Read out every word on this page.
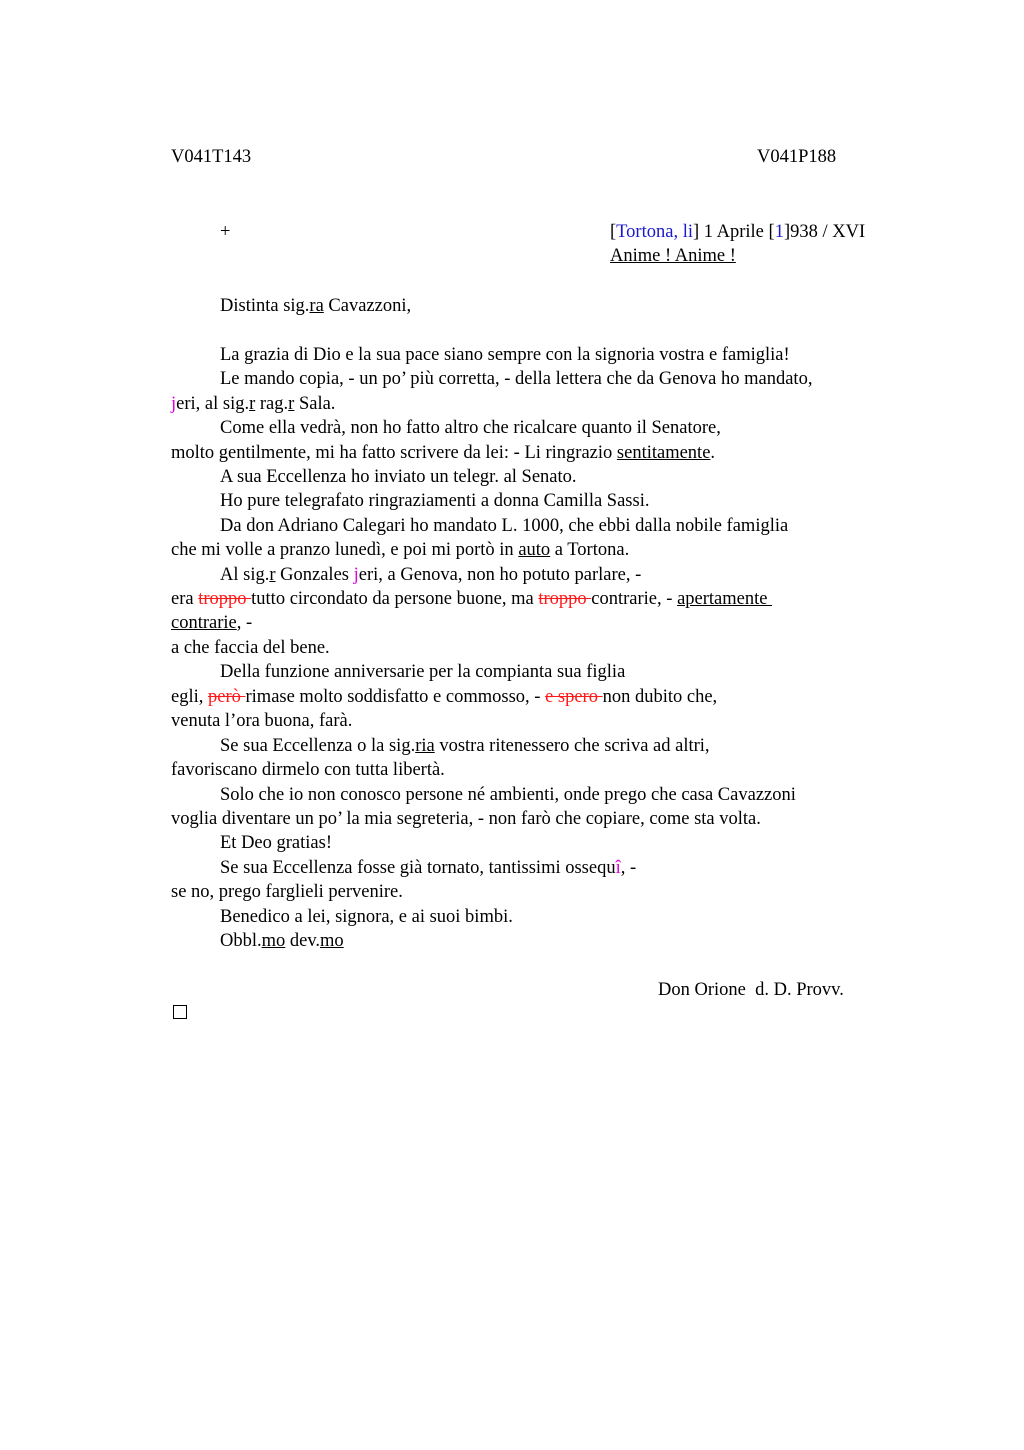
V041T143	V041P188
+	[Tortona, li] 1 Aprile [1]938 / XVI
Anime ! Anime !
Distinta sig.ra Cavazzoni,
La grazia di Dio e la sua pace siano sempre con la signoria vostra e famiglia!
Le mando copia, - un po’ più corretta, - della lettera che da Genova ho mandato,
jeri, al sig.r rag.r Sala.
Come ella vedrà, non ho fatto altro che ricalcare quanto il Senatore,
molto gentilmente, mi ha fatto scrivere da lei: - Li ringrazio sentitamente.
A sua Eccellenza ho inviato un telegr. al Senato.
Ho pure telegrafato ringraziamenti a donna Camilla Sassi.
Da don Adriano Calegari ho mandato L. 1000, che ebbi dalla nobile famiglia
che mi volle a pranzo lunedì, e poi mi portò in auto a Tortona.
Al sig.r Gonzales jeri, a Genova, non ho potuto parlare, -
era troppo tutto circondato da persone buone, ma troppo contrarie, - apertamente
contrarie, -
a che faccia del bene.
Della funzione anniversarie per la compianta sua figlia
egli, però rimase molto soddisfatto e commosso, - e spero non dubito che,
venuta l’ora buona, farà.
Se sua Eccellenza o la sig.ria vostra ritenessero che scriva ad altri,
favoriscano dirmelo con tutta libertà.
Solo che io non conosco persone né ambienti, onde prego che casa Cavazzoni
voglia diventare un po’ la mia segreteria, - non farò che copiare, come sta volta.
Et Deo gratias!
Se sua Eccellenza fosse già tornato, tantissimi ossequî, -
se no, prego farglieli pervenire.
Benedico a lei, signora, e ai suoi bimbi.
Obbl.mo dev.mo
Don Orione  d. D. Provv.
